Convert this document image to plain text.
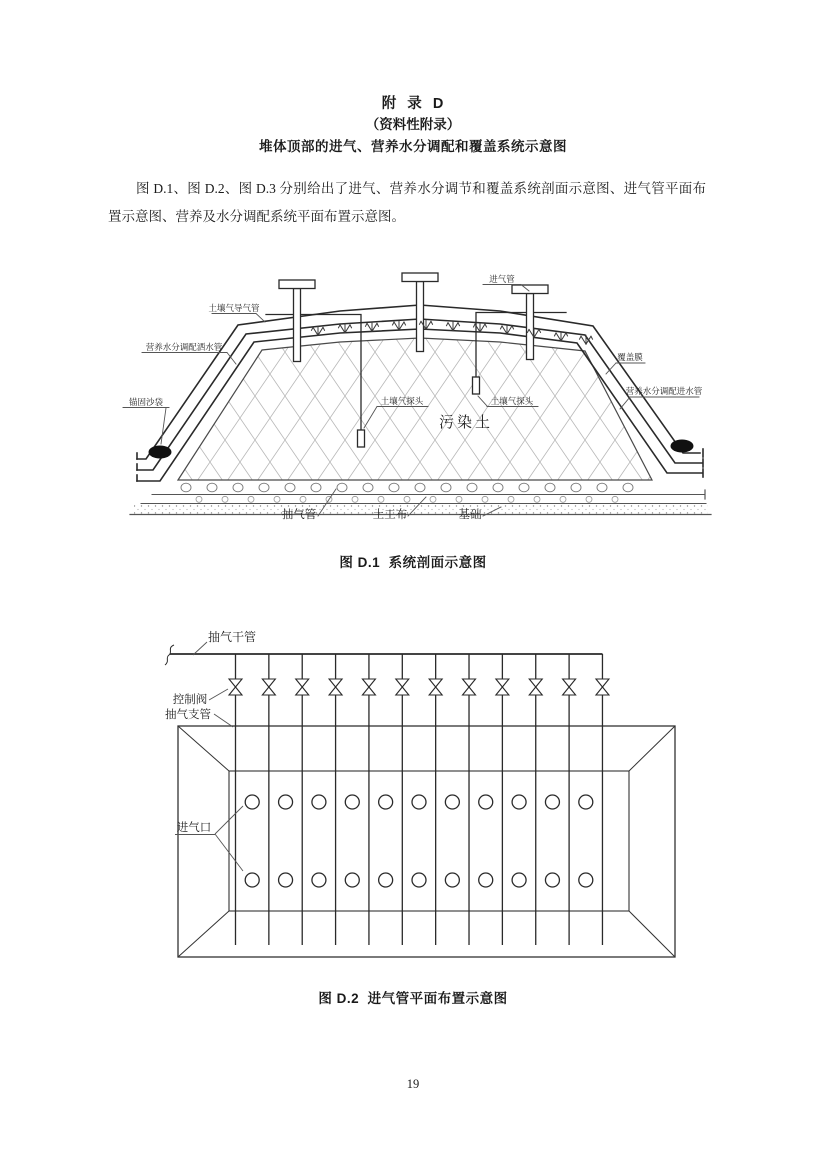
附  录  D
（资料性附录）
堆体顶部的进气、营养水分调配和覆盖系统示意图
图 D.1、图 D.2、图 D.3 分别给出了进气、营养水分调节和覆盖系统剖面示意图、进气管平面布置示意图、营养及水分调配系统平面布置示意图。
土壤气导气管
营养水分调配洒水管
锚固沙袋
进气管
覆盖膜
营养水分调配进水管
土壤气探头	土壤气探头
污染土
抽气管	土工布	基础
抽气干管
控制阀
抽气支管
进气口
图 D.1  系统剖面示意图
图 D.2  进气管平面布置示意图
19
